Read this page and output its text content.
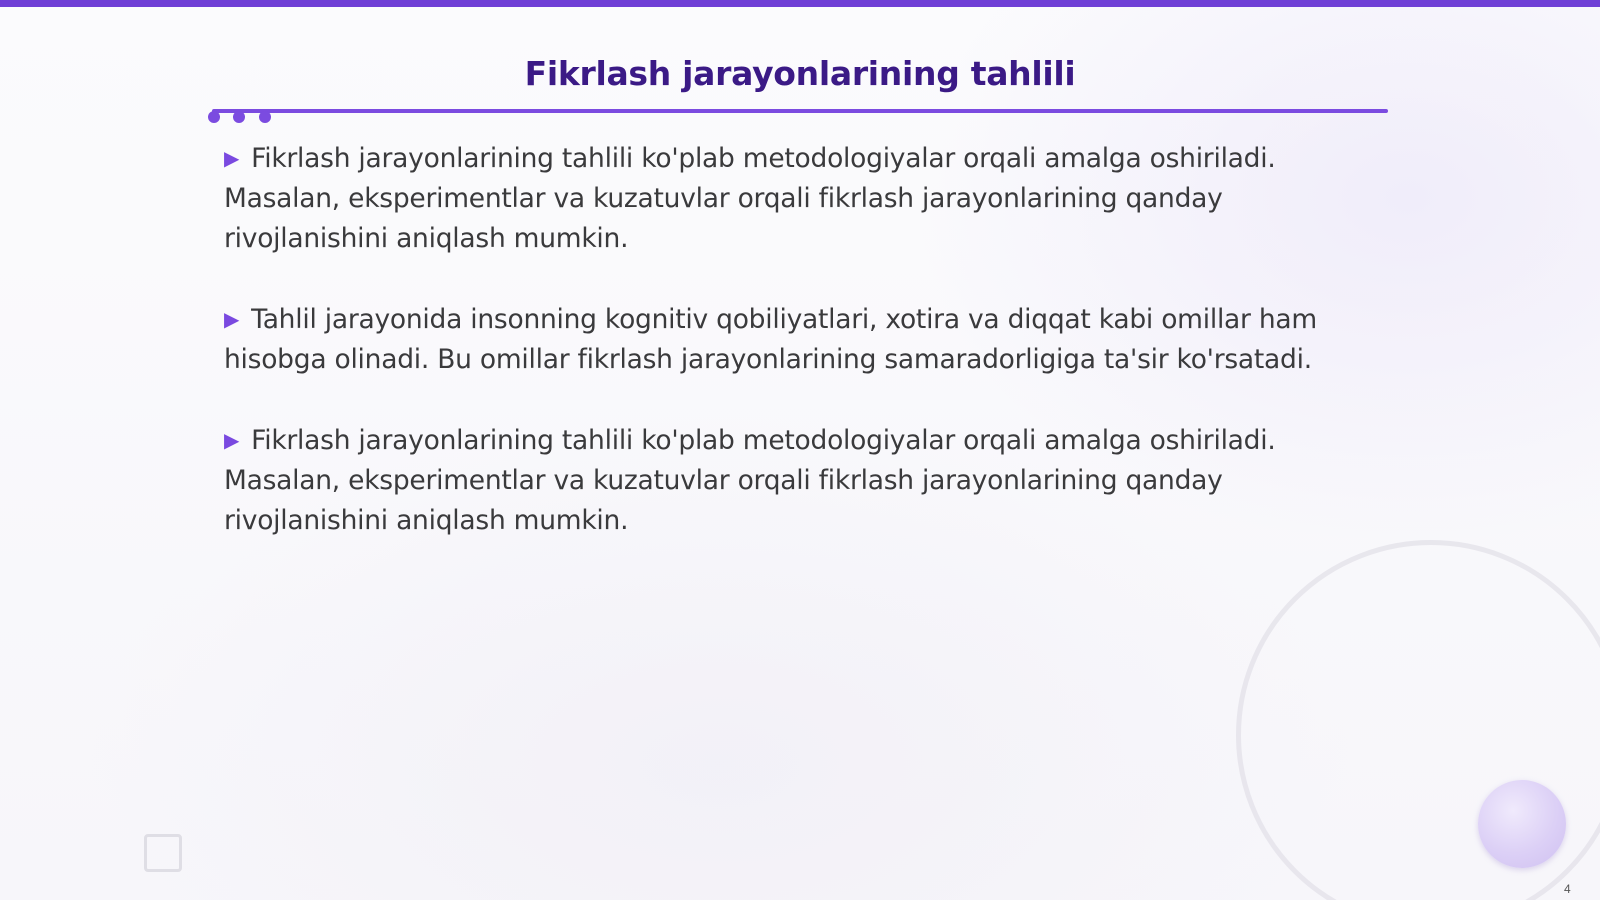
Fikrlash jarayonlarining tahlili

▶ Fikrlash jarayonlarining tahlili ko'plab metodologiyalar orqali amalga oshiriladi. Masalan, eksperimentlar va kuzatuvlar orqali fikrlash jarayonlarining qanday rivojlanishini aniqlash mumkin.

▶ Tahlil jarayonida insonning kognitiv qobiliyatlari, xotira va diqqat kabi omillar ham hisobga olinadi. Bu omillar fikrlash jarayonlarining samaradorligiga ta'sir ko'rsatadi.

▶ Fikrlash jarayonlarining tahlili ko'plab metodologiyalar orqali amalga oshiriladi. Masalan, eksperimentlar va kuzatuvlar orqali fikrlash jarayonlarining qanday rivojlanishini aniqlash mumkin.

4
